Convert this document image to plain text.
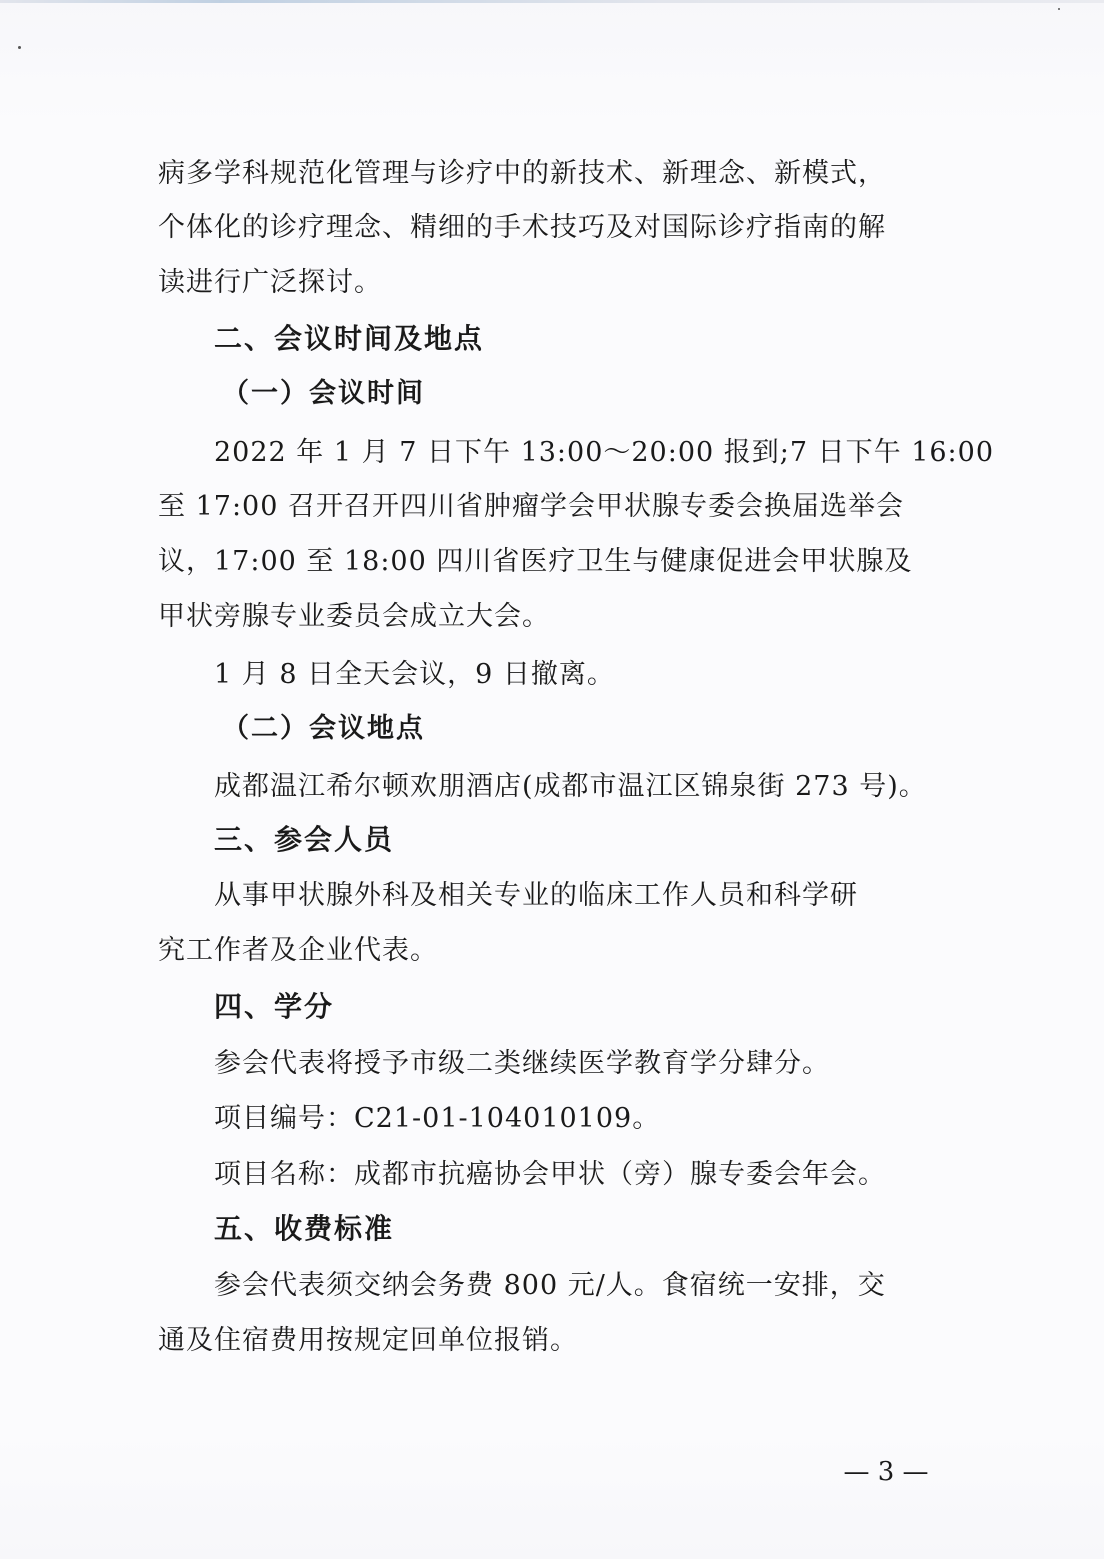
病多学科规范化管理与诊疗中的新技术、新理念、新模式，
个体化的诊疗理念、精细的手术技巧及对国际诊疗指南的解
读进行广泛探讨。
二、会议时间及地点
（一）会议时间
2022 年 1 月 7 日下午 13:00～20:00 报到;7 日下午 16:00
至 17:00 召开召开四川省肿瘤学会甲状腺专委会换届选举会
议，17:00 至 18:00 四川省医疗卫生与健康促进会甲状腺及
甲状旁腺专业委员会成立大会。
1 月 8 日全天会议，9 日撤离。
（二）会议地点
成都温江希尔顿欢朋酒店(成都市温江区锦泉街 273 号)。
三、参会人员
从事甲状腺外科及相关专业的临床工作人员和科学研
究工作者及企业代表。
四、学分
参会代表将授予市级二类继续医学教育学分肆分。
项目编号：C21-01-104010109。
项目名称：成都市抗癌协会甲状（旁）腺专委会年会。
五、收费标准
参会代表须交纳会务费 800 元/人。食宿统一安排，交
通及住宿费用按规定回单位报销。
— 3 —
